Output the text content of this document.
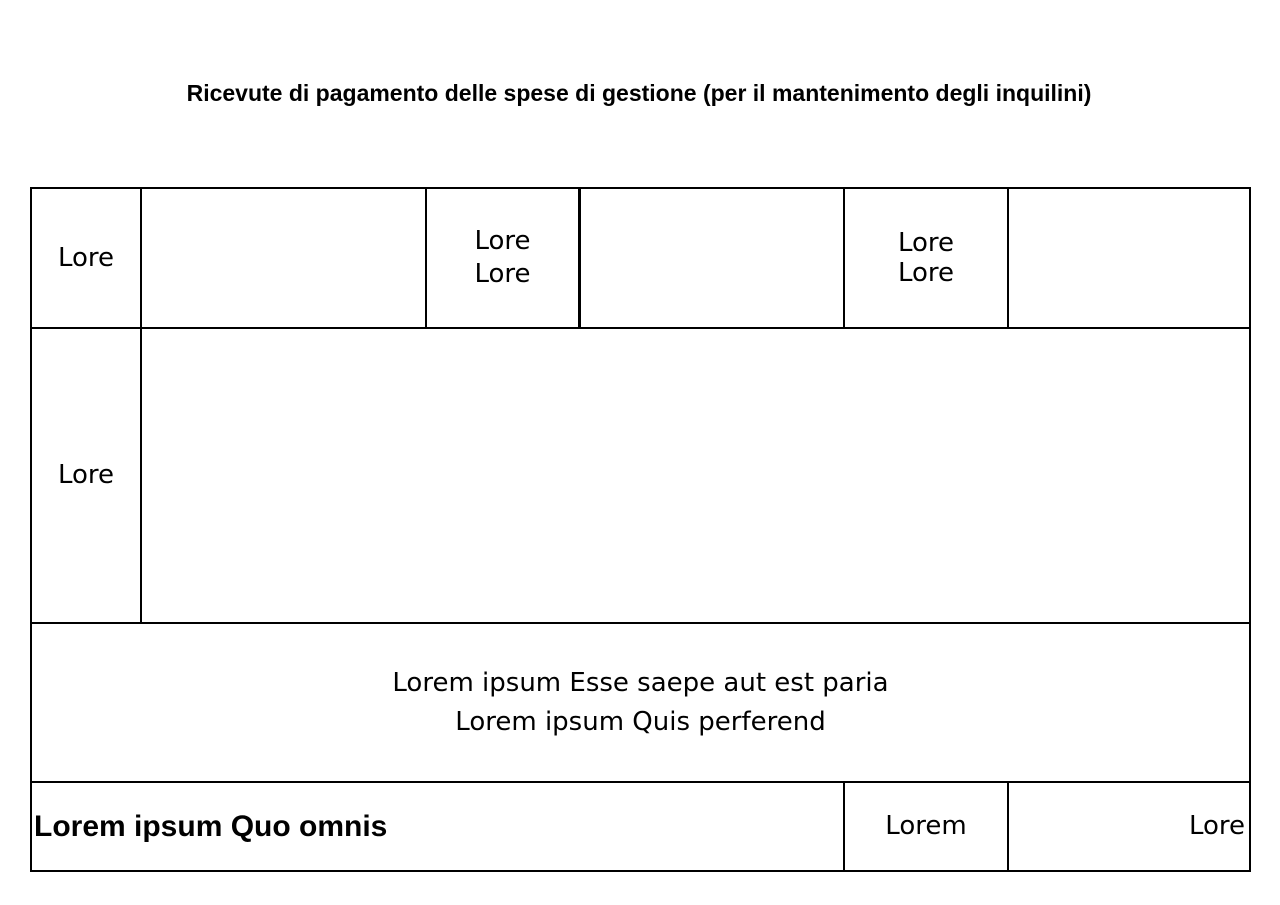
Ricevute di pagamento delle spese di gestione (per il mantenimento degli inquilini)
Lore
Lore
Lore
Lore
Lore
Lore
Lorem ipsum Esse saepe aut est paria
Lorem ipsum Quis perferend
Lorem ipsum Quo omnis	Lorem	Lore
